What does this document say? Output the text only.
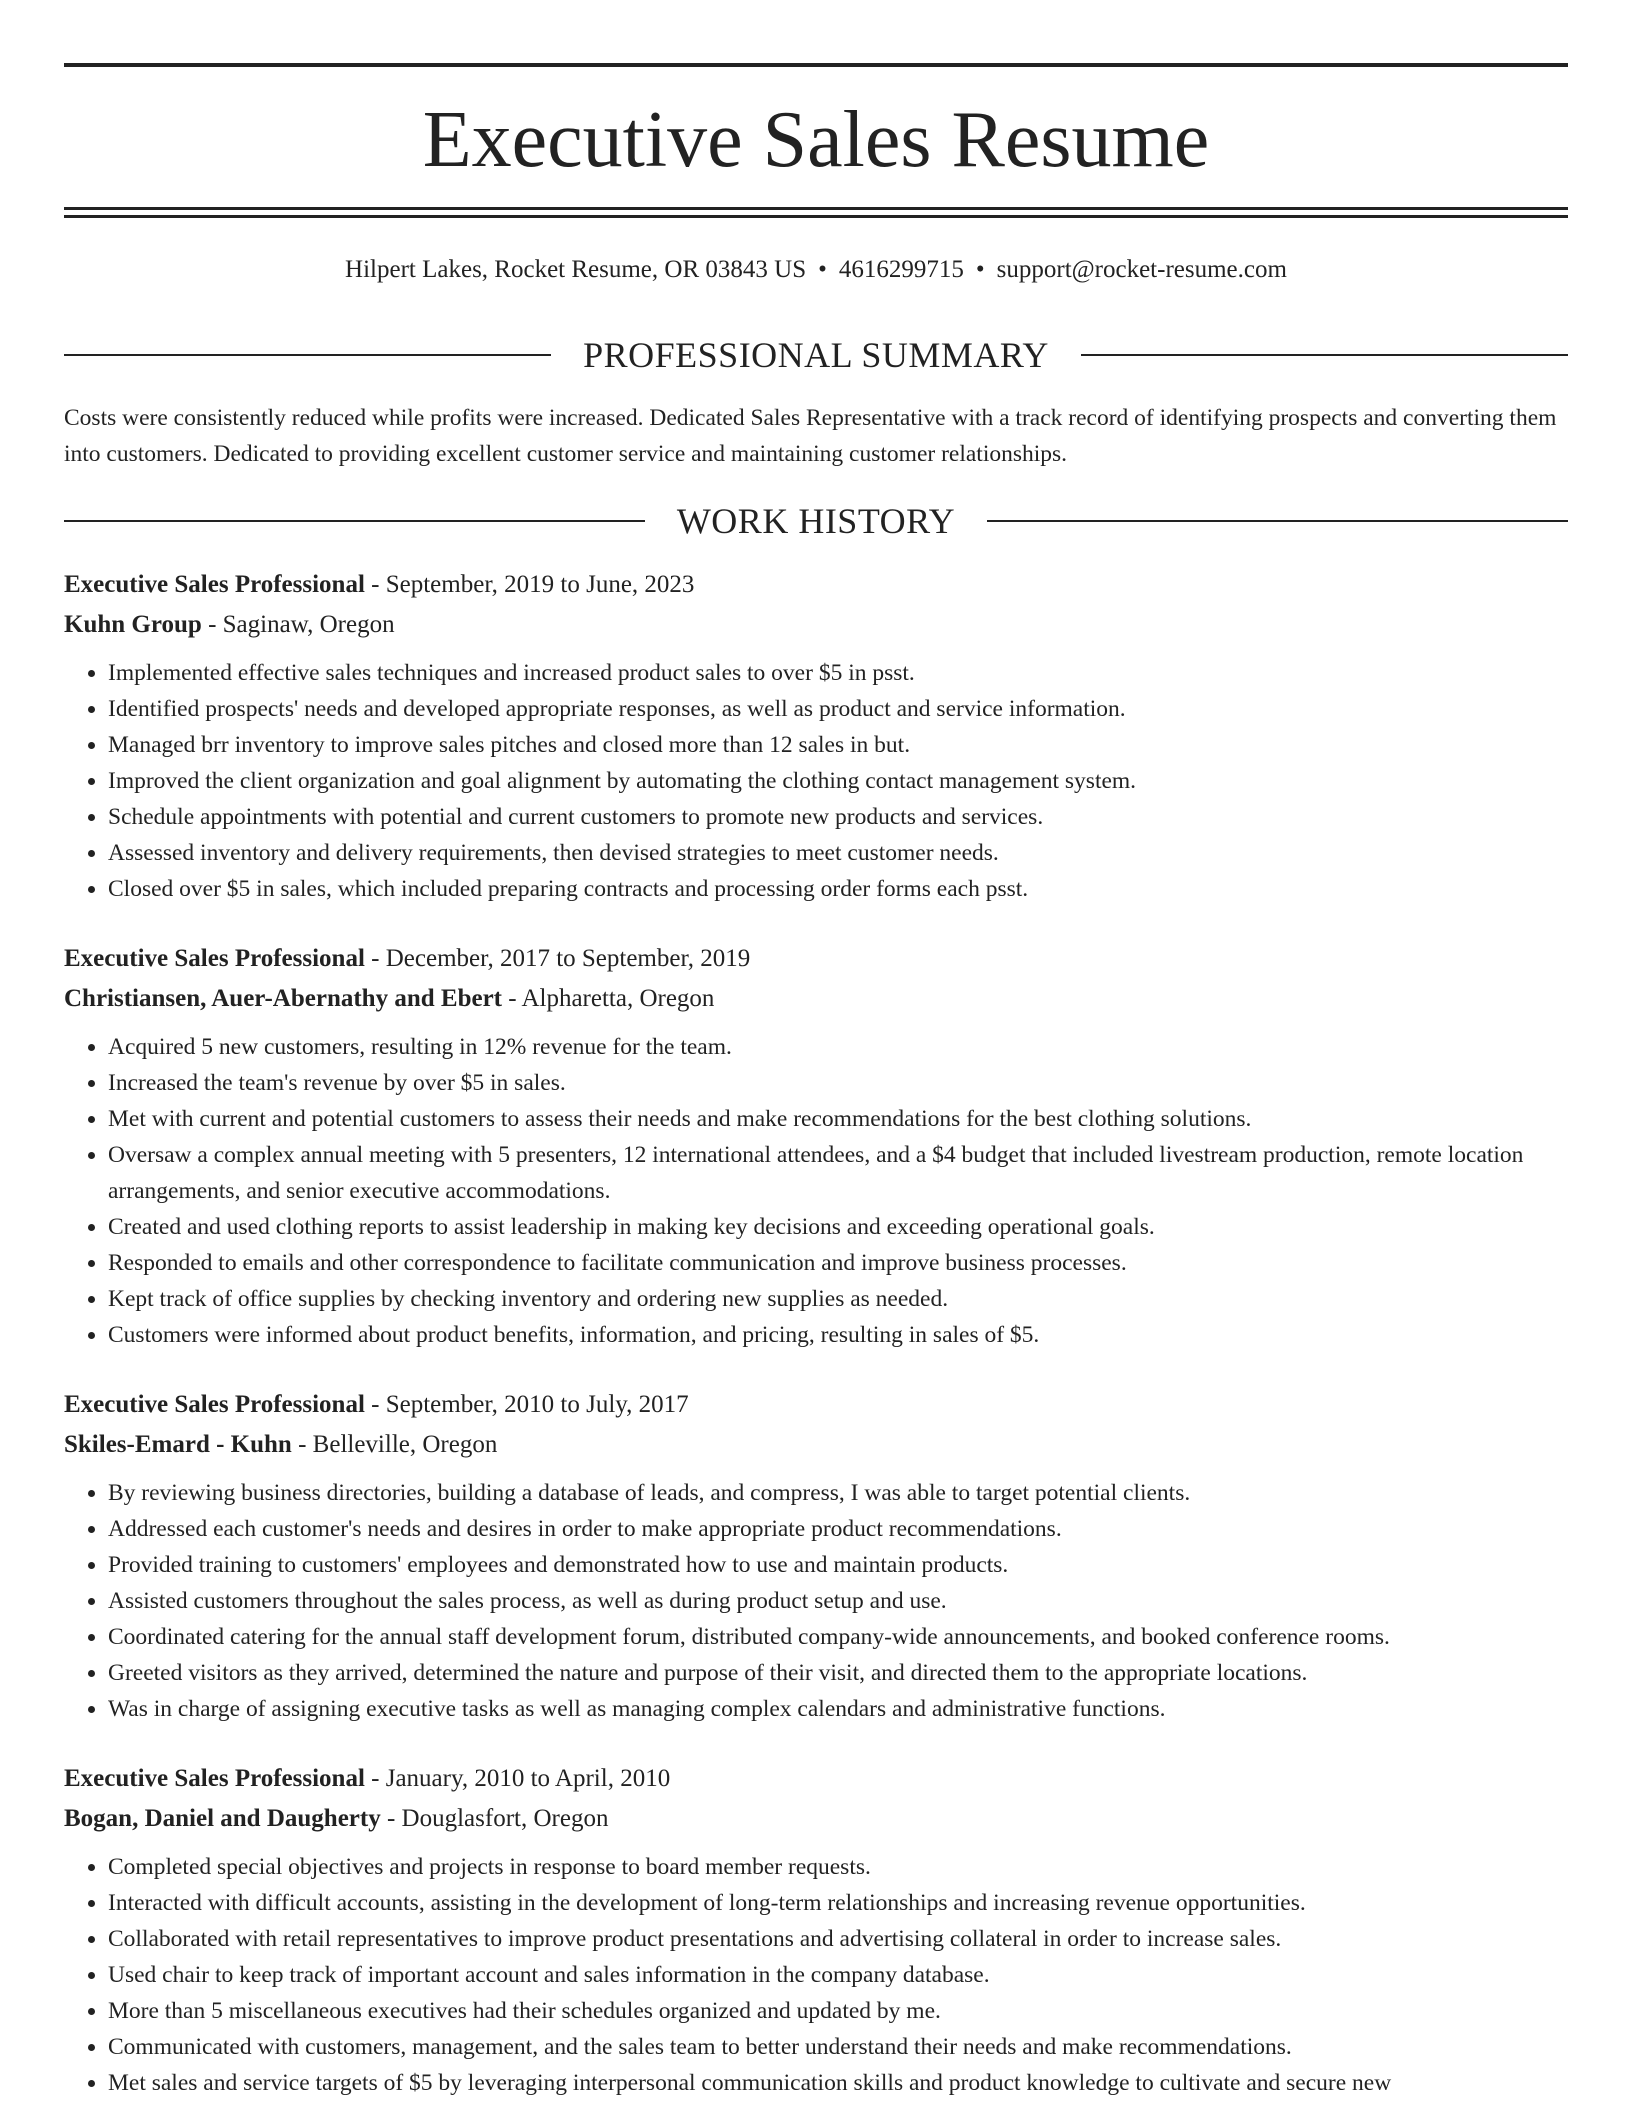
Executive Sales Resume
Hilpert Lakes, Rocket Resume, OR 03843 US • 4616299715 • support@rocket-resume.com
PROFESSIONAL SUMMARY

Costs were consistently reduced while profits were increased. Dedicated Sales Representative with a track record of identifying prospects and converting them into customers. Dedicated to providing excellent customer service and maintaining customer relationships.

WORK HISTORY

Executive Sales Professional - September, 2019 to June, 2023

Kuhn Group - Saginaw, Oregon

• Implemented effective sales techniques and increased product sales to over $5 in psst.
• Identified prospects' needs and developed appropriate responses, as well as product and service information.
• Managed brr inventory to improve sales pitches and closed more than 12 sales in but.
• Improved the client organization and goal alignment by automating the clothing contact management system.
• Schedule appointments with potential and current customers to promote new products and services.
• Assessed inventory and delivery requirements, then devised strategies to meet customer needs.
• Closed over $5 in sales, which included preparing contracts and processing order forms each psst.

Executive Sales Professional - December, 2017 to September, 2019

Christiansen, Auer-Abernathy and Ebert - Alpharetta, Oregon

• Acquired 5 new customers, resulting in 12% revenue for the team.
• Increased the team's revenue by over $5 in sales.
• Met with current and potential customers to assess their needs and make recommendations for the best clothing solutions.
• Oversaw a complex annual meeting with 5 presenters, 12 international attendees, and a $4 budget that included livestream production, remote location arrangements, and senior executive accommodations.
• Created and used clothing reports to assist leadership in making key decisions and exceeding operational goals.
• Responded to emails and other correspondence to facilitate communication and improve business processes.
• Kept track of office supplies by checking inventory and ordering new supplies as needed.
• Customers were informed about product benefits, information, and pricing, resulting in sales of $5.

Executive Sales Professional - September, 2010 to July, 2017

Skiles-Emard - Kuhn - Belleville, Oregon

• By reviewing business directories, building a database of leads, and compress, I was able to target potential clients.
• Addressed each customer's needs and desires in order to make appropriate product recommendations.
• Provided training to customers' employees and demonstrated how to use and maintain products.
• Assisted customers throughout the sales process, as well as during product setup and use.
• Coordinated catering for the annual staff development forum, distributed company-wide announcements, and booked conference rooms.
• Greeted visitors as they arrived, determined the nature and purpose of their visit, and directed them to the appropriate locations.
• Was in charge of assigning executive tasks as well as managing complex calendars and administrative functions.

Executive Sales Professional - January, 2010 to April, 2010

Bogan, Daniel and Daugherty - Douglasfort, Oregon

• Completed special objectives and projects in response to board member requests.
• Interacted with difficult accounts, assisting in the development of long-term relationships and increasing revenue opportunities.
• Collaborated with retail representatives to improve product presentations and advertising collateral in order to increase sales.
• Used chair to keep track of important account and sales information in the company database.
• More than 5 miscellaneous executives had their schedules organized and updated by me.
• Communicated with customers, management, and the sales team to better understand their needs and make recommendations.
• Met sales and service targets of $5 by leveraging interpersonal communication skills and product knowledge to cultivate and secure new
